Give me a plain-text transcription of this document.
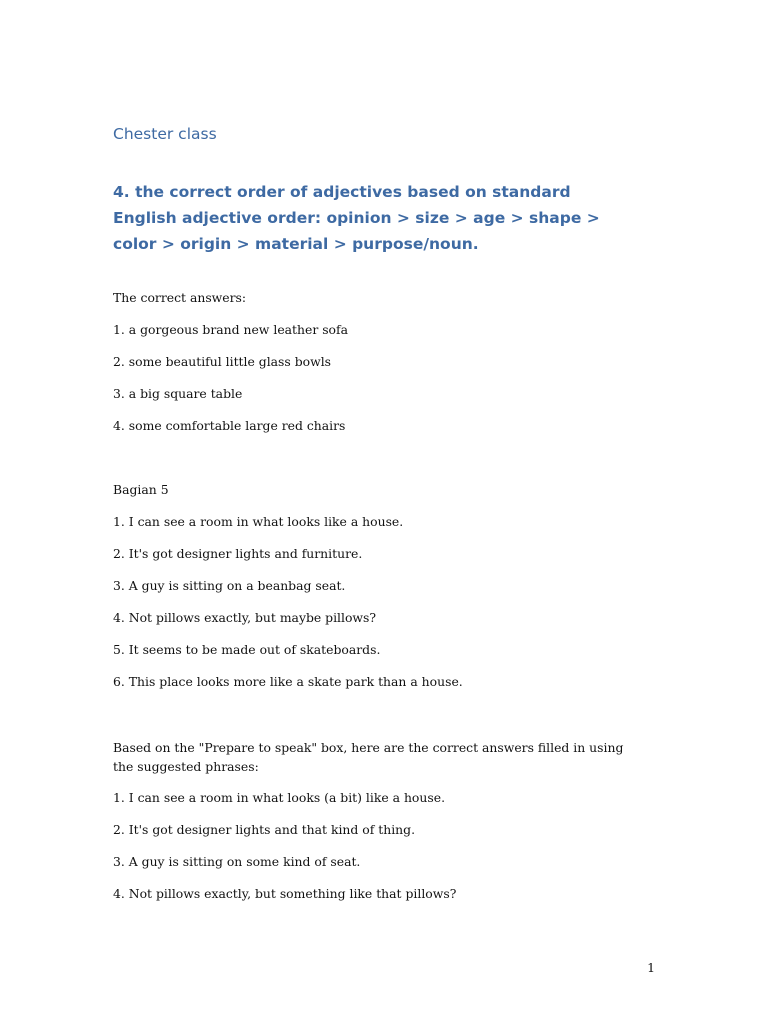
Chester class
4. the correct order of adjectives based on standard English adjective order: opinion > size > age > shape > color > origin > material > purpose/noun.

The correct answers:

1. a gorgeous brand new leather sofa

2. some beautiful little glass bowls

3. a big square table

4. some comfortable large red chairs

Bagian 5

1. I can see a room in what looks like a house.

2. It's got designer lights and furniture.

3. A guy is sitting on a beanbag seat.

4. Not pillows exactly, but maybe pillows?

5. It seems to be made out of skateboards.

6. This place looks more like a skate park than a house.

Based on the "Prepare to speak" box, here are the correct answers filled in using the suggested phrases:

1. I can see a room in what looks (a bit) like a house.

2. It's got designer lights and that kind of thing.

3. A guy is sitting on some kind of seat.

4. Not pillows exactly, but something like that pillows?

1
